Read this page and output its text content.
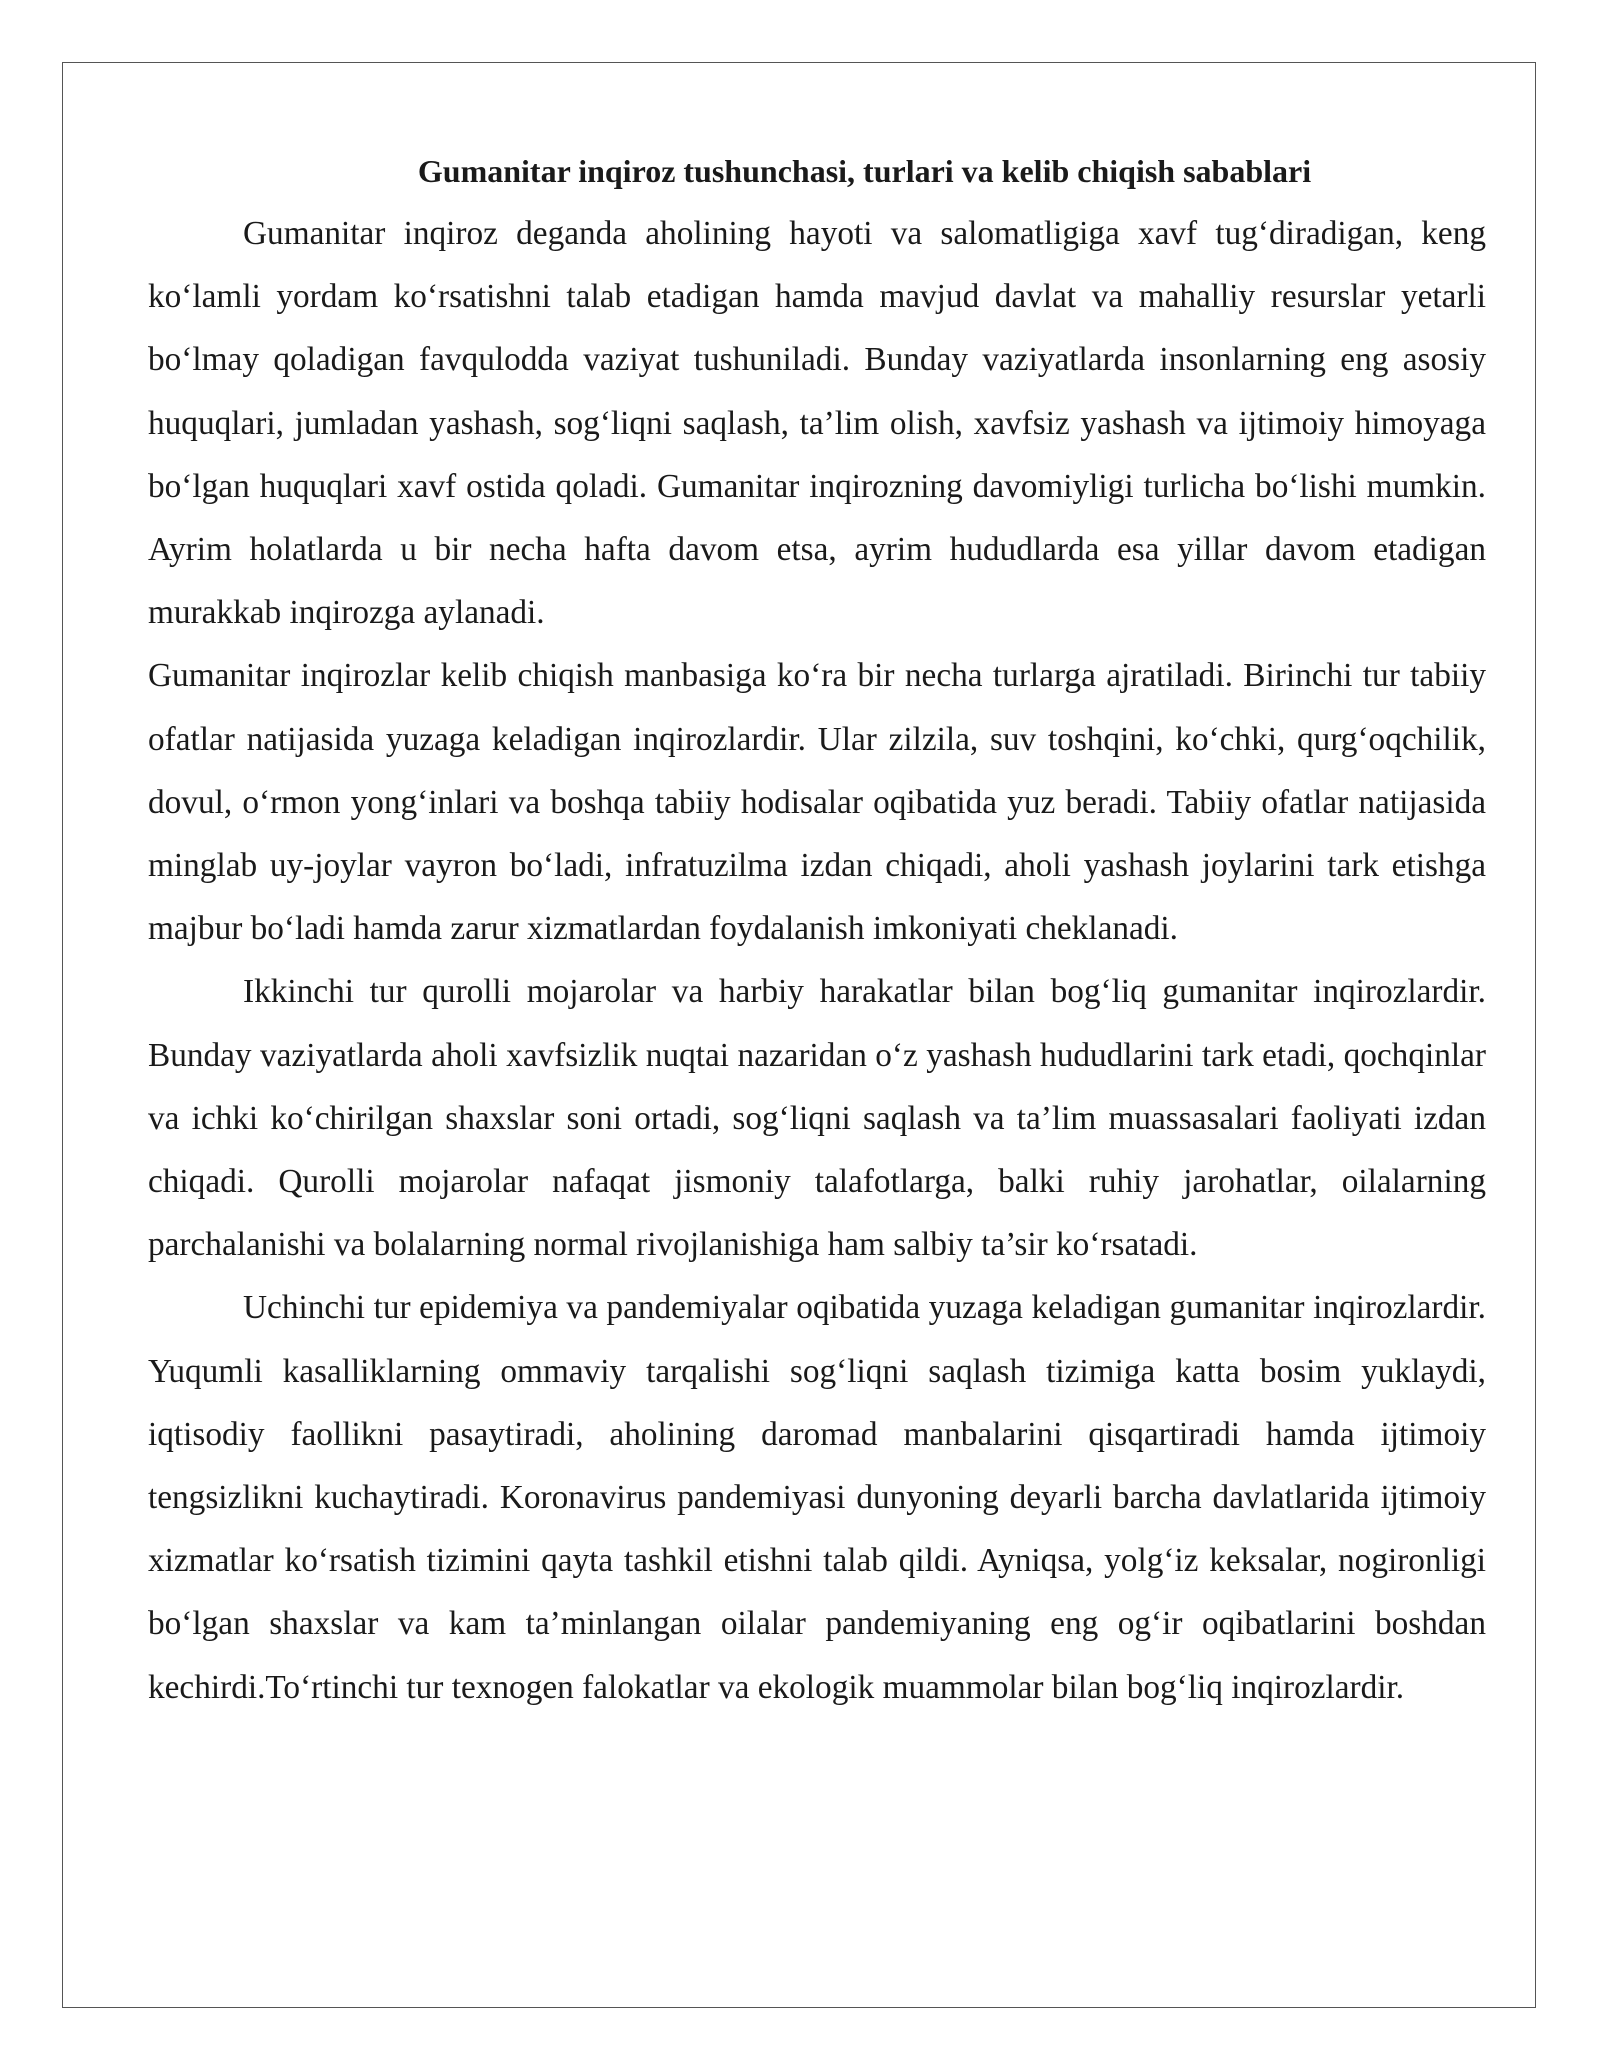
Gumanitar inqiroz tushunchasi, turlari va kelib chiqish sabablari

Gumanitar inqiroz deganda aholining hayoti va salomatligiga xavf tug‘diradigan, keng ko‘lamli yordam ko‘rsatishni talab etadigan hamda mavjud davlat va mahalliy resurslar yetarli bo‘lmay qoladigan favqulodda vaziyat tushuniladi. Bunday vaziyatlarda insonlarning eng asosiy huquqlari, jumladan yashash, sog‘liqni saqlash, ta’lim olish, xavfsiz yashash va ijtimoiy himoyaga bo‘lgan huquqlari xavf ostida qoladi. Gumanitar inqirozning davomiyligi turlicha bo‘lishi mumkin. Ayrim holatlarda u bir necha hafta davom etsa, ayrim hududlarda esa yillar davom etadigan murakkab inqirozga aylanadi.

Gumanitar inqirozlar kelib chiqish manbasiga ko‘ra bir necha turlarga ajratiladi. Birinchi tur tabiiy ofatlar natijasida yuzaga keladigan inqirozlardir. Ular zilzila, suv toshqini, ko‘chki, qurg‘oqchilik, dovul, o‘rmon yong‘inlari va boshqa tabiiy hodisalar oqibatida yuz beradi. Tabiiy ofatlar natijasida minglab uy-joylar vayron bo‘ladi, infratuzilma izdan chiqadi, aholi yashash joylarini tark etishga majbur bo‘ladi hamda zarur xizmatlardan foydalanish imkoniyati cheklanadi.

Ikkinchi tur qurolli mojarolar va harbiy harakatlar bilan bog‘liq gumanitar inqirozlardir. Bunday vaziyatlarda aholi xavfsizlik nuqtai nazaridan o‘z yashash hududlarini tark etadi, qochqinlar va ichki ko‘chirilgan shaxslar soni ortadi, sog‘liqni saqlash va ta’lim muassasalari faoliyati izdan chiqadi. Qurolli mojarolar nafaqat jismoniy talafotlarga, balki ruhiy jarohatlar, oilalarning parchalanishi va bolalarning normal rivojlanishiga ham salbiy ta’sir ko‘rsatadi.

Uchinchi tur epidemiya va pandemiyalar oqibatida yuzaga keladigan gumanitar inqirozlardir. Yuqumli kasalliklarning ommaviy tarqalishi sog‘liqni saqlash tizimiga katta bosim yuklaydi, iqtisodiy faollikni pasaytiradi, aholining daromad manbalarini qisqartiradi hamda ijtimoiy tengsizlikni kuchaytiradi. Koronavirus pandemiyasi dunyoning deyarli barcha davlatlarida ijtimoiy xizmatlar ko‘rsatish tizimini qayta tashkil etishni talab qildi. Ayniqsa, yolg‘iz keksalar, nogironligi bo‘lgan shaxslar va kam ta’minlangan oilalar pandemiyaning eng og‘ir oqibatlarini boshdan kechirdi.To‘rtinchi tur texnogen falokatlar va ekologik muammolar bilan bog‘liq inqirozlardir.
